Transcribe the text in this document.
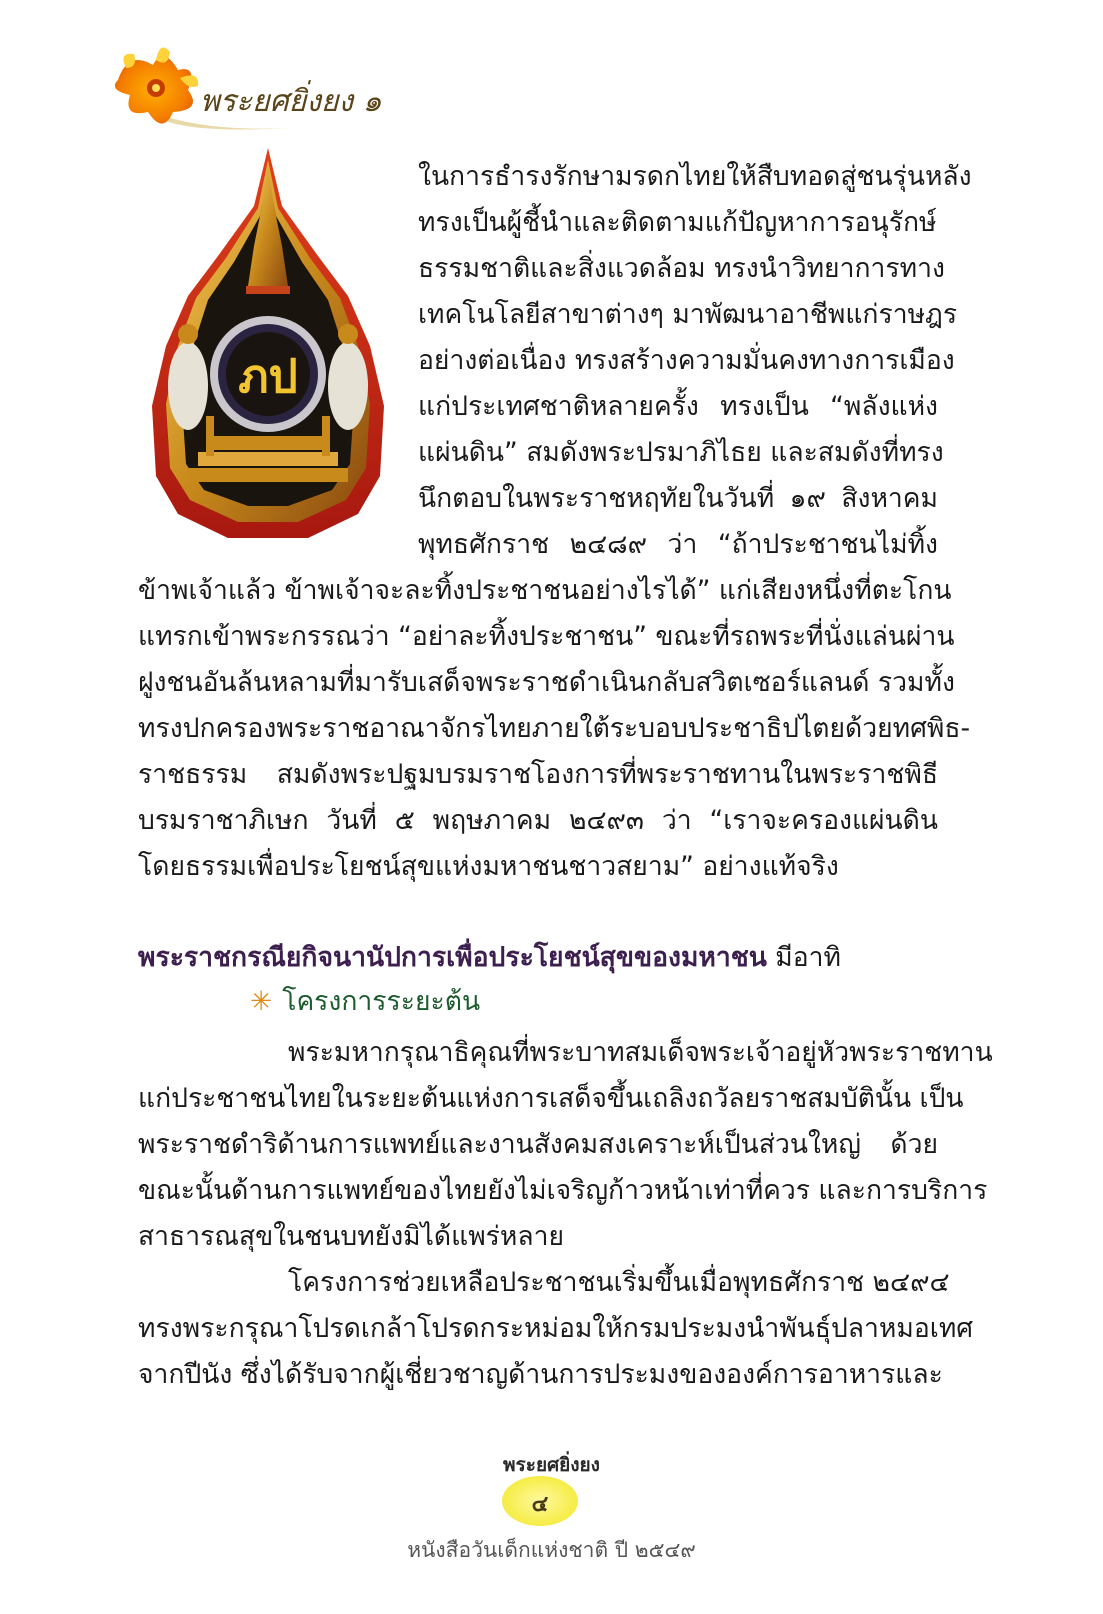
พระยศยิ่งยง ๑
ภป
ในการธำรงรักษามรดกไทยให้สืบทอดสู่ชนรุ่นหลัง
ทรงเป็นผู้ชี้นำและติดตามแก้ปัญหาการอนุรักษ์
ธรรมชาติและสิ่งแวดล้อม ทรงนำวิทยาการทาง
เทคโนโลยีสาขาต่างๆ มาพัฒนาอาชีพแก่ราษฎร
อย่างต่อเนื่อง ทรงสร้างความมั่นคงทางการเมือง
แก่ประเทศชาติหลายครั้ง ทรงเป็น “พลังแห่ง
แผ่นดิน” สมดังพระปรมาภิไธย และสมดังที่ทรง
นึกตอบในพระราชหฤทัยในวันที่ ๑๙ สิงหาคม
พุทธศักราช ๒๔๘๙ ว่า “ถ้าประชาชนไม่ทิ้ง
ข้าพเจ้าแล้ว ข้าพเจ้าจะละทิ้งประชาชนอย่างไรได้” แก่เสียงหนึ่งที่ตะโกน
แทรกเข้าพระกรรณว่า “อย่าละทิ้งประชาชน” ขณะที่รถพระที่นั่งแล่นผ่าน
ฝูงชนอันล้นหลามที่มารับเสด็จพระราชดำเนินกลับสวิตเซอร์แลนด์ รวมทั้ง
ทรงปกครองพระราชอาณาจักรไทยภายใต้ระบอบประชาธิปไตยด้วยทศพิธ-
ราชธรรม สมดังพระปฐมบรมราชโองการที่พระราชทานในพระราชพิธี
บรมราชาภิเษก วันที่ ๕ พฤษภาคม ๒๔๙๓ ว่า “เราจะครองแผ่นดิน
โดยธรรมเพื่อประโยชน์สุขแห่งมหาชนชาวสยาม” อย่างแท้จริง
พระราชกรณียกิจนานัปการเพื่อประโยชน์สุขของมหาชน มีอาทิ
✳ โครงการระยะต้น
พระมหากรุณาธิคุณที่พระบาทสมเด็จพระเจ้าอยู่หัวพระราชทาน
แก่ประชาชนไทยในระยะต้นแห่งการเสด็จขึ้นเถลิงถวัลยราชสมบัตินั้น เป็น
พระราชดำริด้านการแพทย์และงานสังคมสงเคราะห์เป็นส่วนใหญ่ ด้วย
ขณะนั้นด้านการแพทย์ของไทยยังไม่เจริญก้าวหน้าเท่าที่ควร และการบริการ
สาธารณสุขในชนบทยังมิได้แพร่หลาย
โครงการช่วยเหลือประชาชนเริ่มขึ้นเมื่อพุทธศักราช ๒๔๙๔
ทรงพระกรุณาโปรดเกล้าโปรดกระหม่อมให้กรมประมงนำพันธุ์ปลาหมอเทศ
จากปีนัง ซึ่งได้รับจากผู้เชี่ยวชาญด้านการประมงขององค์การอาหารและ
พระยศยิ่งยง
๔
หนังสือวันเด็กแห่งชาติ ปี ๒๕๔๙
